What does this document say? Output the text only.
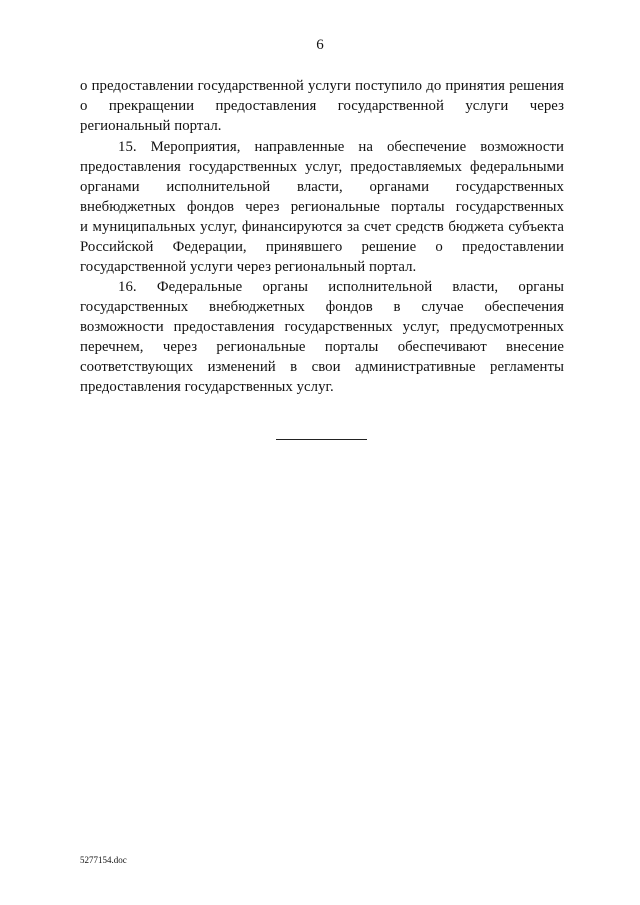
6
о предоставлении государственной услуги поступило до принятия решения
о прекращении предоставления государственной услуги через
региональный портал.
15. Мероприятия, направленные на обеспечение возможности
предоставления государственных услуг, предоставляемых федеральными
органами исполнительной власти, органами государственных
внебюджетных фондов через региональные порталы государственных
и муниципальных услуг, финансируются за счет средств бюджета субъекта
Российской Федерации, принявшего решение о предоставлении
государственной услуги через региональный портал.
16. Федеральные органы исполнительной власти, органы
государственных внебюджетных фондов в случае обеспечения
возможности предоставления государственных услуг, предусмотренных
перечнем, через региональные порталы обеспечивают внесение
соответствующих изменений в свои административные регламенты
предоставления государственных услуг.
5277154.doc
